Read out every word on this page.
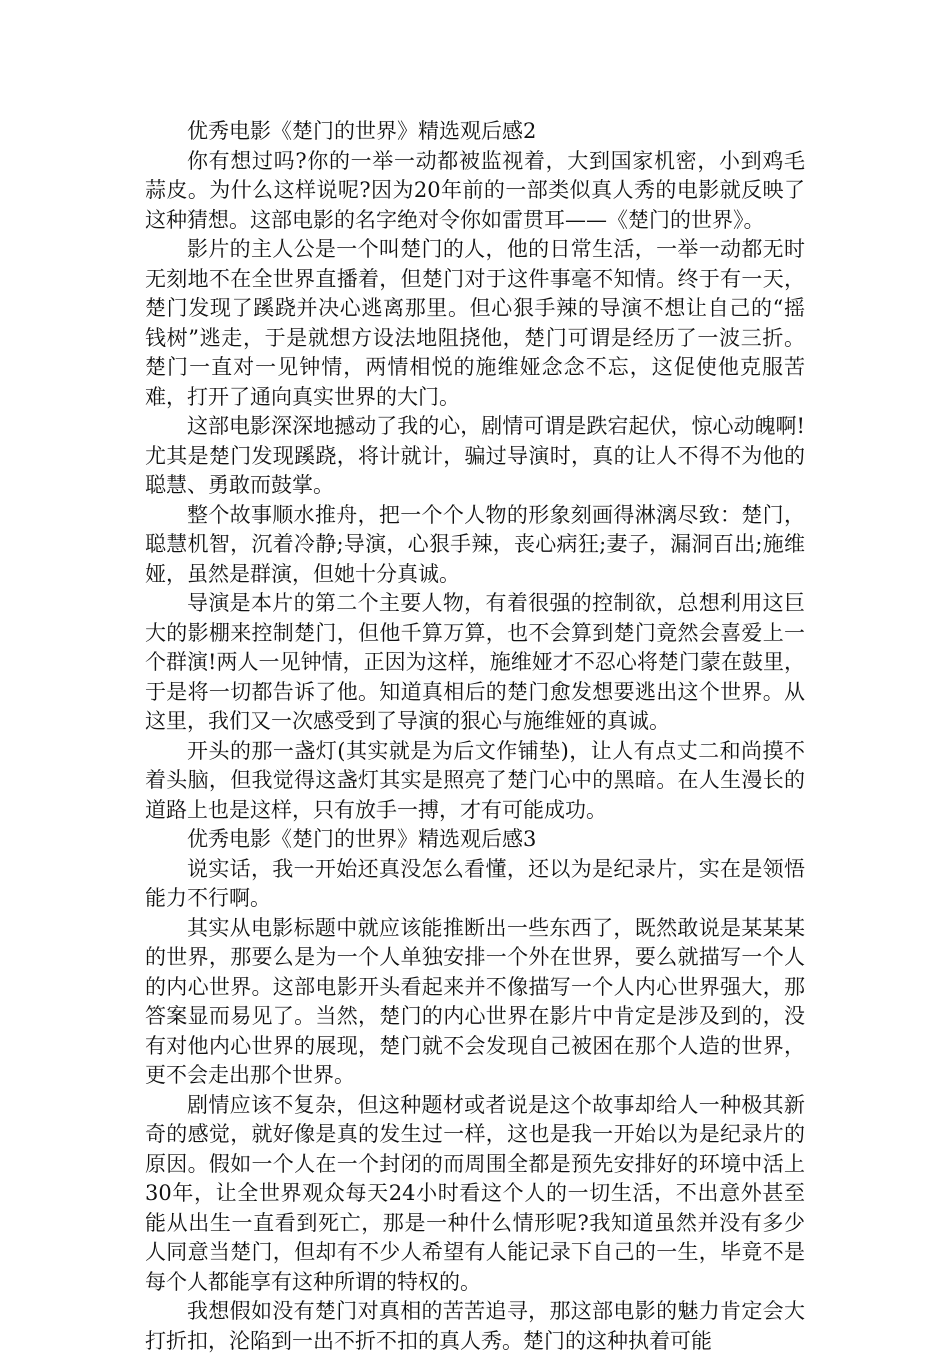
优秀电影《楚门的世界》精选观后感2

你有想过吗?你的一举一动都被监视着，大到国家机密，小到鸡毛蒜皮。为什么这样说呢?因为20年前的一部类似真人秀的电影就反映了这种猜想。这部电影的名字绝对令你如雷贯耳——《楚门的世界》。

影片的主人公是一个叫楚门的人，他的日常生活，一举一动都无时无刻地不在全世界直播着，但楚门对于这件事毫不知情。终于有一天，楚门发现了蹊跷并决心逃离那里。但心狠手辣的导演不想让自己的“摇钱树”逃走，于是就想方设法地阻挠他，楚门可谓是经历了一波三折。楚门一直对一见钟情，两情相悦的施维娅念念不忘，这促使他克服苦难，打开了通向真实世界的大门。

这部电影深深地撼动了我的心，剧情可谓是跌宕起伏，惊心动魄啊!尤其是楚门发现蹊跷，将计就计，骗过导演时，真的让人不得不为他的聪慧、勇敢而鼓掌。

整个故事顺水推舟，把一个个人物的形象刻画得淋漓尽致：楚门，聪慧机智，沉着冷静;导演，心狠手辣，丧心病狂;妻子，漏洞百出;施维娅，虽然是群演，但她十分真诚。

导演是本片的第二个主要人物，有着很强的控制欲，总想利用这巨大的影棚来控制楚门，但他千算万算，也不会算到楚门竟然会喜爱上一个群演!两人一见钟情，正因为这样，施维娅才不忍心将楚门蒙在鼓里，于是将一切都告诉了他。知道真相后的楚门愈发想要逃出这个世界。从这里，我们又一次感受到了导演的狠心与施维娅的真诚。

开头的那一盏灯(其实就是为后文作铺垫)，让人有点丈二和尚摸不着头脑，但我觉得这盏灯其实是照亮了楚门心中的黑暗。在人生漫长的道路上也是这样，只有放手一搏，才有可能成功。

优秀电影《楚门的世界》精选观后感3

说实话，我一开始还真没怎么看懂，还以为是纪录片，实在是领悟能力不行啊。

其实从电影标题中就应该能推断出一些东西了，既然敢说是某某某的世界，那要么是为一个人单独安排一个外在世界，要么就描写一个人的内心世界。这部电影开头看起来并不像描写一个人内心世界强大，那答案显而易见了。当然，楚门的内心世界在影片中肯定是涉及到的，没有对他内心世界的展现，楚门就不会发现自己被困在那个人造的世界，更不会走出那个世界。

剧情应该不复杂，但这种题材或者说是这个故事却给人一种极其新奇的感觉，就好像是真的发生过一样，这也是我一开始以为是纪录片的原因。假如一个人在一个封闭的而周围全都是预先安排好的环境中活上30年，让全世界观众每天24小时看这个人的一切生活，不出意外甚至能从出生一直看到死亡，那是一种什么情形呢?我知道虽然并没有多少人同意当楚门，但却有不少人希望有人能记录下自己的一生，毕竟不是每个人都能享有这种所谓的特权的。

我想假如没有楚门对真相的苦苦追寻，那这部电影的魅力肯定会大打折扣，沦陷到一出不折不扣的真人秀。楚门的这种执着可能
